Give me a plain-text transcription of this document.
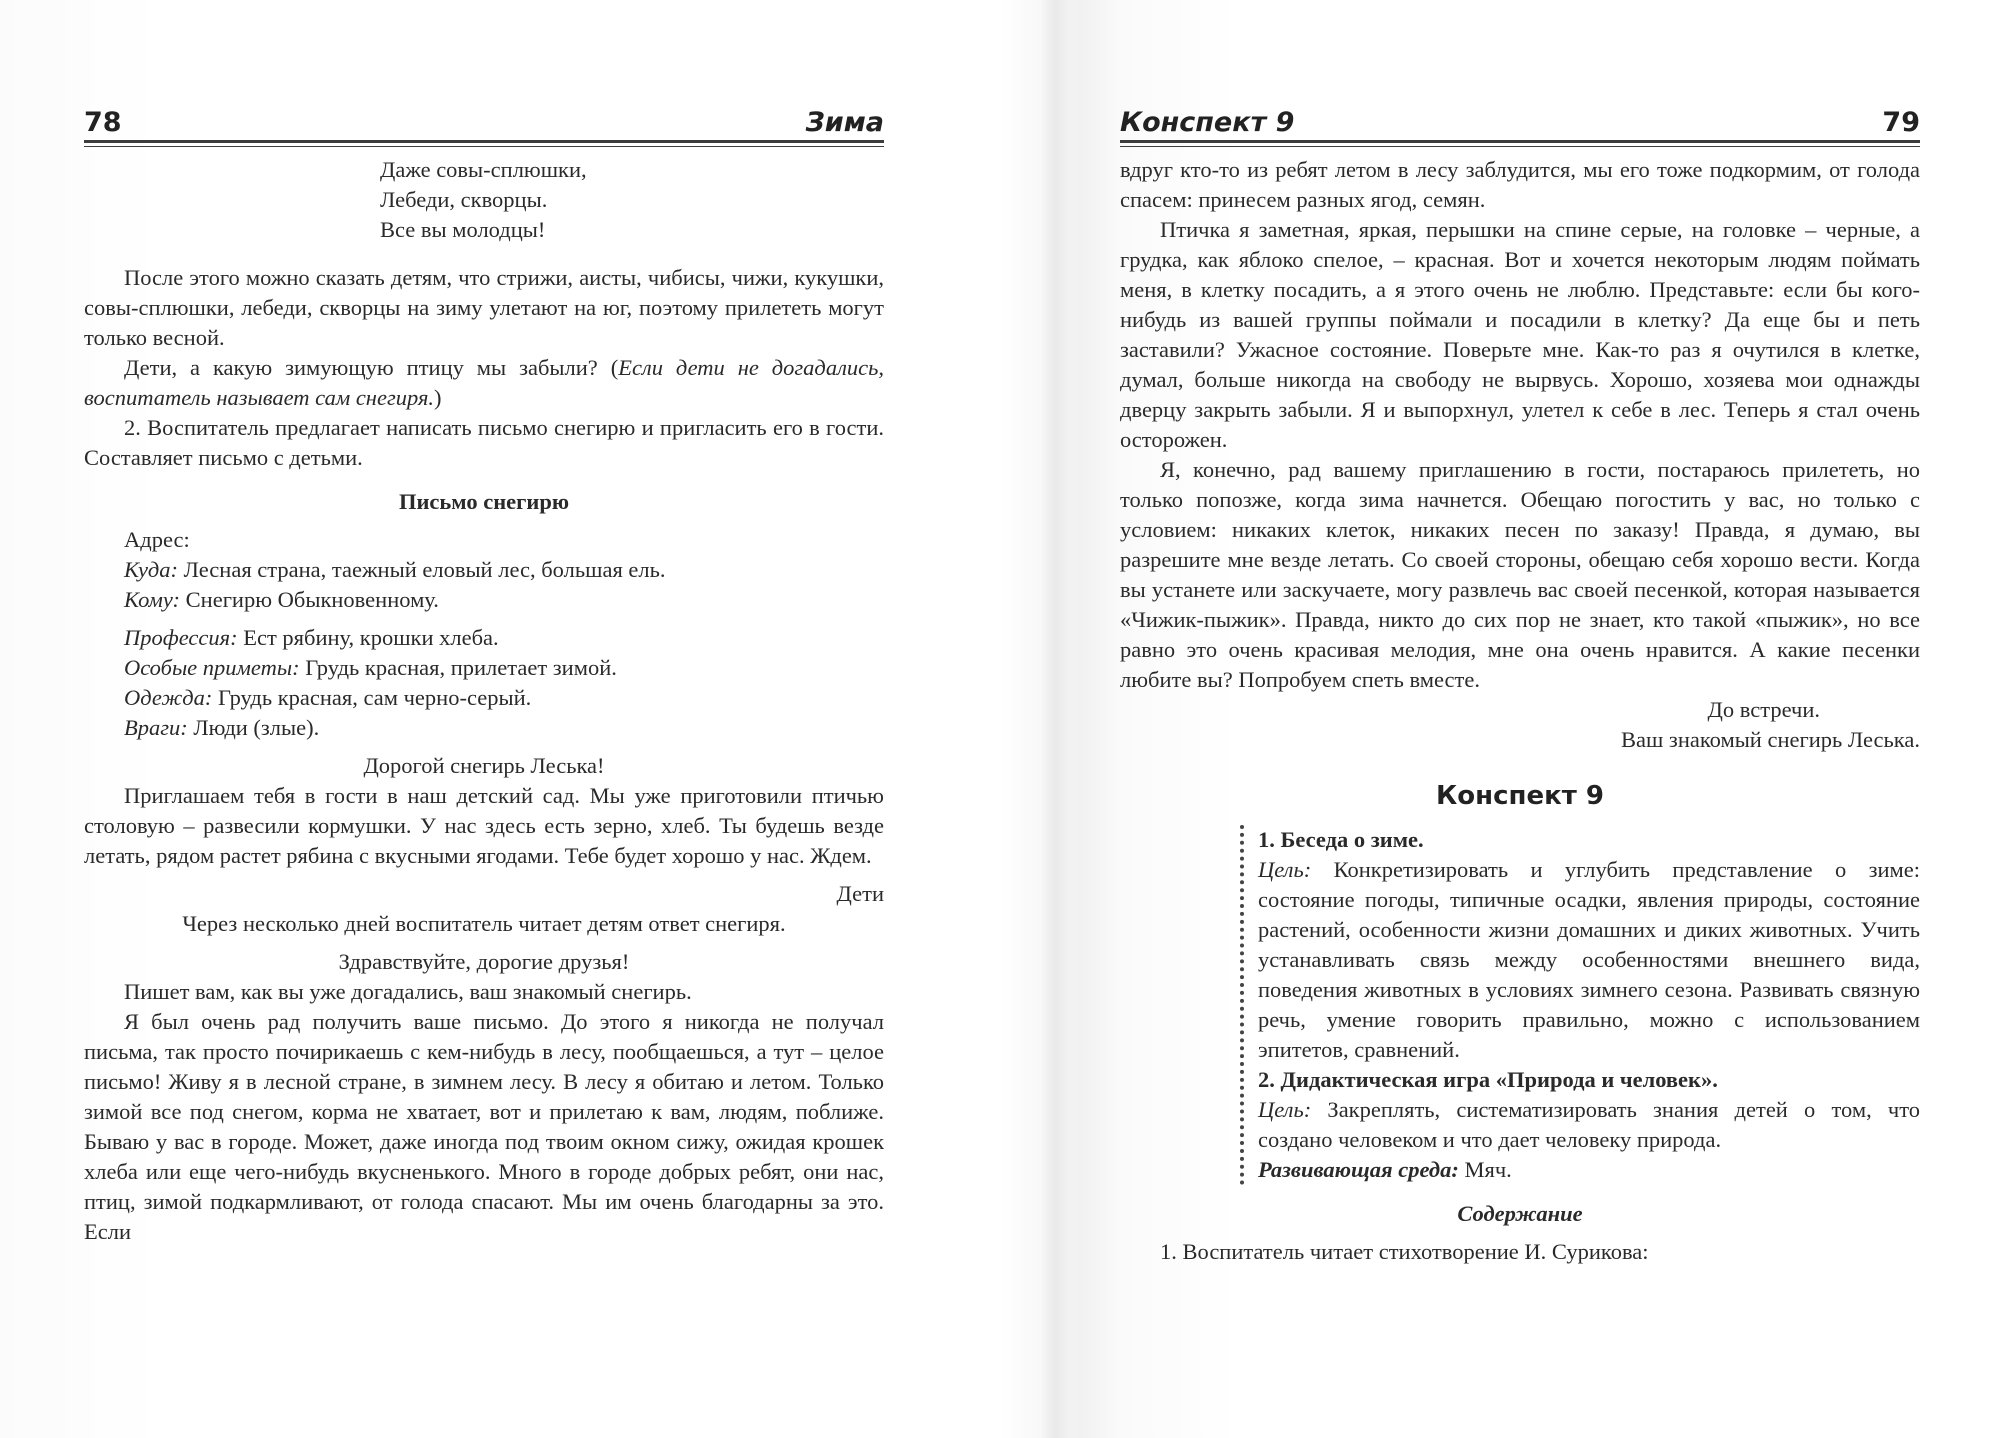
78	Зима

Даже совы-сплюшки,

Лебеди, скворцы.

Все вы молодцы!

После этого можно сказать детям, что стрижи, аисты, чибисы, чижи, кукушки, совы-сплюшки, лебеди, скворцы на зиму улетают на юг, поэтому прилететь могут только весной.

Дети, а какую зимующую птицу мы забыли? (Если дети не догадались, воспитатель называет сам снегиря.)

2. Воспитатель предлагает написать письмо снегирю и пригласить его в гости. Составляет письмо с детьми.

Письмо снегирю

Адрес:

Куда: Лесная страна, таежный еловый лес, большая ель.

Кому: Снегирю Обыкновенному.

Профессия: Ест рябину, крошки хлеба.

Особые приметы: Грудь красная, прилетает зимой.

Одежда: Грудь красная, сам черно-серый.

Враги: Люди (злые).

Дорогой снегирь Леська!

Приглашаем тебя в гости в наш детский сад. Мы уже приготовили птичью столовую – развесили кормушки. У нас здесь есть зерно, хлеб. Ты будешь везде летать, рядом растет рябина с вкусными ягодами. Тебе будет хорошо у нас. Ждем.

Дети

Через несколько дней воспитатель читает детям ответ снегиря.

Здравствуйте, дорогие друзья!

Пишет вам, как вы уже догадались, ваш знакомый снегирь.

Я был очень рад получить ваше письмо. До этого я никогда не получал письма, так просто почирикаешь с кем-нибудь в лесу, пообщаешься, а тут – целое письмо! Живу я в лесной стране, в зимнем лесу. В лесу я обитаю и летом. Только зимой все под снегом, корма не хватает, вот и прилетаю к вам, людям, поближе. Бываю у вас в городе. Может, даже иногда под твоим окном сижу, ожидая крошек хлеба или еще чего-нибудь вкусненького. Много в городе добрых ребят, они нас, птиц, зимой подкармливают, от голода спасают. Мы им очень благодарны за это. Если

Конспект 9	79

вдруг кто-то из ребят летом в лесу заблудится, мы его тоже подкормим, от голода спасем: принесем разных ягод, семян.

Птичка я заметная, яркая, перышки на спине серые, на головке – черные, а грудка, как яблоко спелое, – красная. Вот и хочется некоторым людям поймать меня, в клетку посадить, а я этого очень не люблю. Представьте: если бы кого-нибудь из вашей группы поймали и посадили в клетку? Да еще бы и петь заставили? Ужасное состояние. Поверьте мне. Как-то раз я очутился в клетке, думал, больше никогда на свободу не вырвусь. Хорошо, хозяева мои однажды дверцу закрыть забыли. Я и выпорхнул, улетел к себе в лес. Теперь я стал очень осторожен.

Я, конечно, рад вашему приглашению в гости, постараюсь прилететь, но только попозже, когда зима начнется. Обещаю погостить у вас, но только с условием: никаких клеток, никаких песен по заказу! Правда, я думаю, вы разрешите мне везде летать. Со своей стороны, обещаю себя хорошо вести. Когда вы устанете или заскучаете, могу развлечь вас своей песенкой, которая называется «Чижик-пыжик». Правда, никто до сих пор не знает, кто такой «пыжик», но все равно это очень красивая мелодия, мне она очень нравится. А какие песенки любите вы? Попробуем спеть вместе.

До встречи.

Ваш знакомый снегирь Леська.

Конспект 9

1. Беседа о зиме.

Цель: Конкретизировать и углубить представление о зиме: состояние погоды, типичные осадки, явления природы, состояние растений, особенности жизни домашних и диких животных. Учить устанавливать связь между особенностями внешнего вида, поведения животных в условиях зимнего сезона. Развивать связную речь, умение говорить правильно, можно с использованием эпитетов, сравнений.

2. Дидактическая игра «Природа и человек».

Цель: Закреплять, систематизировать знания детей о том, что создано человеком и что дает человеку природа.

Развивающая среда: Мяч.

Содержание

1. Воспитатель читает стихотворение И. Сурикова:
